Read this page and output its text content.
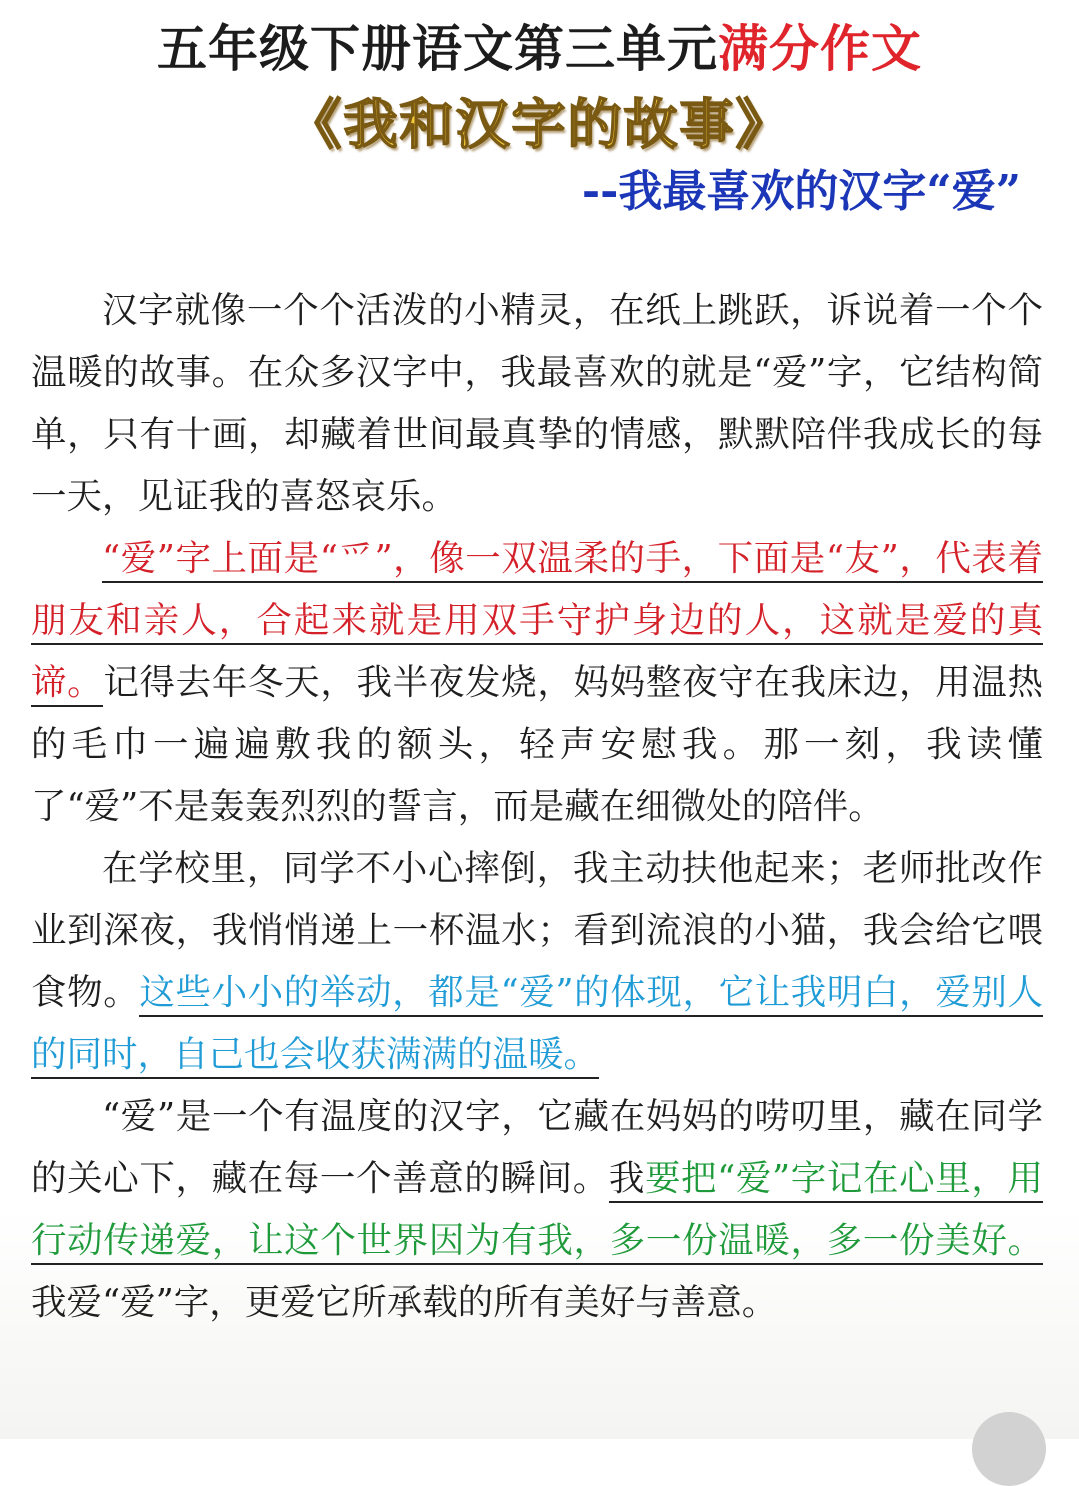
五年级下册语文第三单元满分作文
《我和汉字的故事》
--我最喜欢的汉字“爱”

汉字就像一个个活泼的小精灵，在纸上跳跃，诉说着一个个温暖的故事。在众多汉字中，我最喜欢的就是“爱”字，它结构简单，只有十画，却藏着世间最真挚的情感，默默陪伴我成长的每一天，见证我的喜怒哀乐。

“爱”字上面是“爫”，像一双温柔的手，下面是“友”，代表着朋友和亲人，合起来就是用双手守护身边的人，这就是爱的真谛。记得去年冬天，我半夜发烧，妈妈整夜守在我床边，用温热的毛巾一遍遍敷我的额头，轻声安慰我。那一刻，我读懂了“爱”不是轰轰烈烈的誓言，而是藏在细微处的陪伴。

在学校里，同学不小心摔倒，我主动扶他起来；老师批改作业到深夜，我悄悄递上一杯温水；看到流浪的小猫，我会给它喂食物。这些小小的举动，都是“爱”的体现，它让我明白，爱别人的同时，自己也会收获满满的温暖。

“爱”是一个有温度的汉字，它藏在妈妈的唠叨里，藏在同学的关心下，藏在每一个善意的瞬间。我要把“爱”字记在心里，用行动传递爱，让这个世界因为有我，多一份温暖，多一份美好。我爱“爱”字，更爱它所承载的所有美好与善意。
